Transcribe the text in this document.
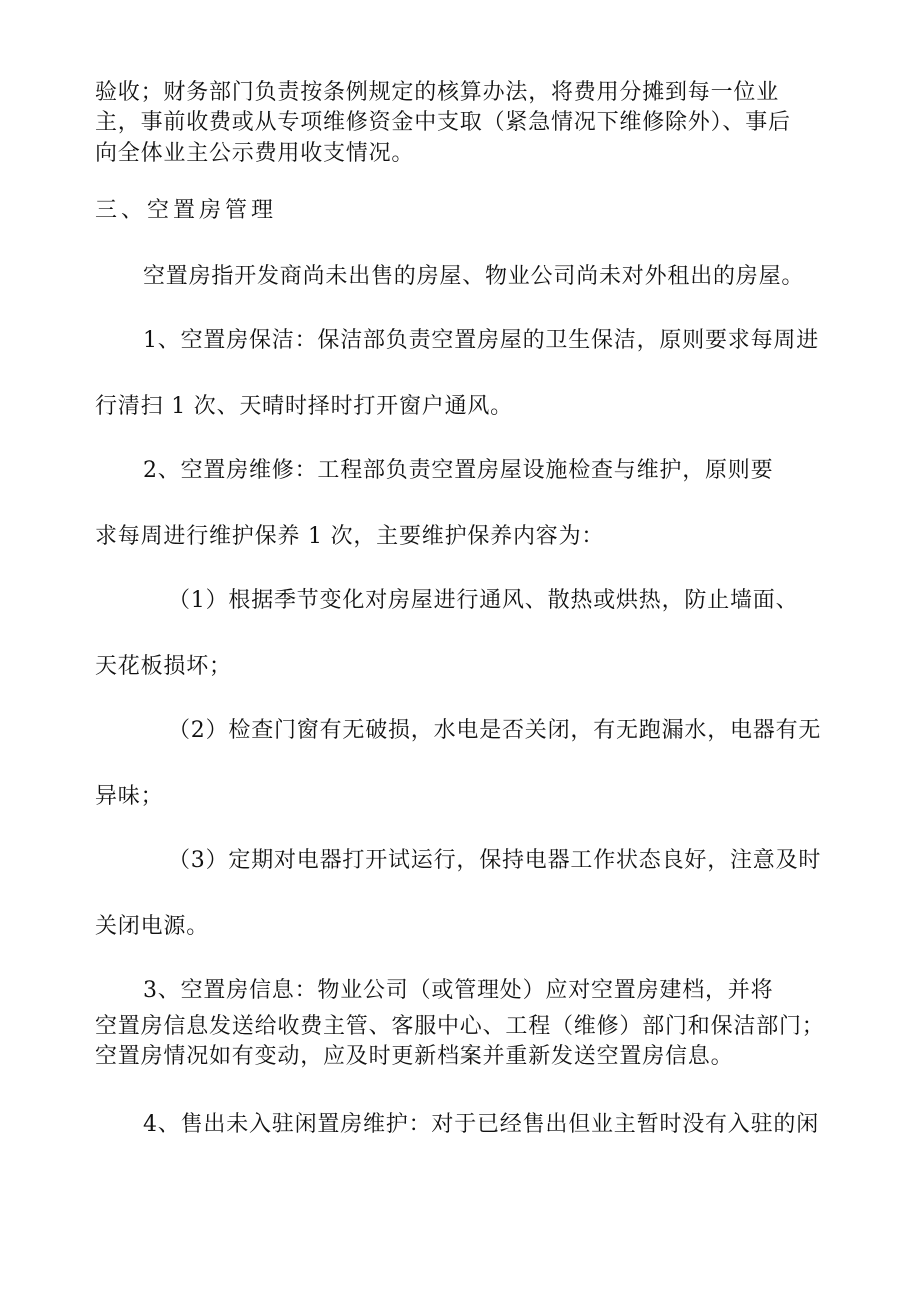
验收；财务部门负责按条例规定的核算办法，将费用分摊到每一位业
主，事前收费或从专项维修资金中支取（紧急情况下维修除外）、事后
向全体业主公示费用收支情况。
三、空置房管理
空置房指开发商尚未出售的房屋、物业公司尚未对外租出的房屋。
1、空置房保洁：保洁部负责空置房屋的卫生保洁，原则要求每周进
行清扫 1 次、天晴时择时打开窗户通风。
2、空置房维修：工程部负责空置房屋设施检查与维护，原则要
求每周进行维护保养 1 次，主要维护保养内容为：
（1）根据季节变化对房屋进行通风、散热或烘热，防止墙面、
天花板损坏；
（2）检查门窗有无破损，水电是否关闭，有无跑漏水，电器有无
异味；
（3）定期对电器打开试运行，保持电器工作状态良好，注意及时
关闭电源。
3、空置房信息：物业公司（或管理处）应对空置房建档，并将
空置房信息发送给收费主管、客服中心、工程（维修）部门和保洁部门；
空置房情况如有变动，应及时更新档案并重新发送空置房信息。
4、售出未入驻闲置房维护：对于已经售出但业主暂时没有入驻的闲
